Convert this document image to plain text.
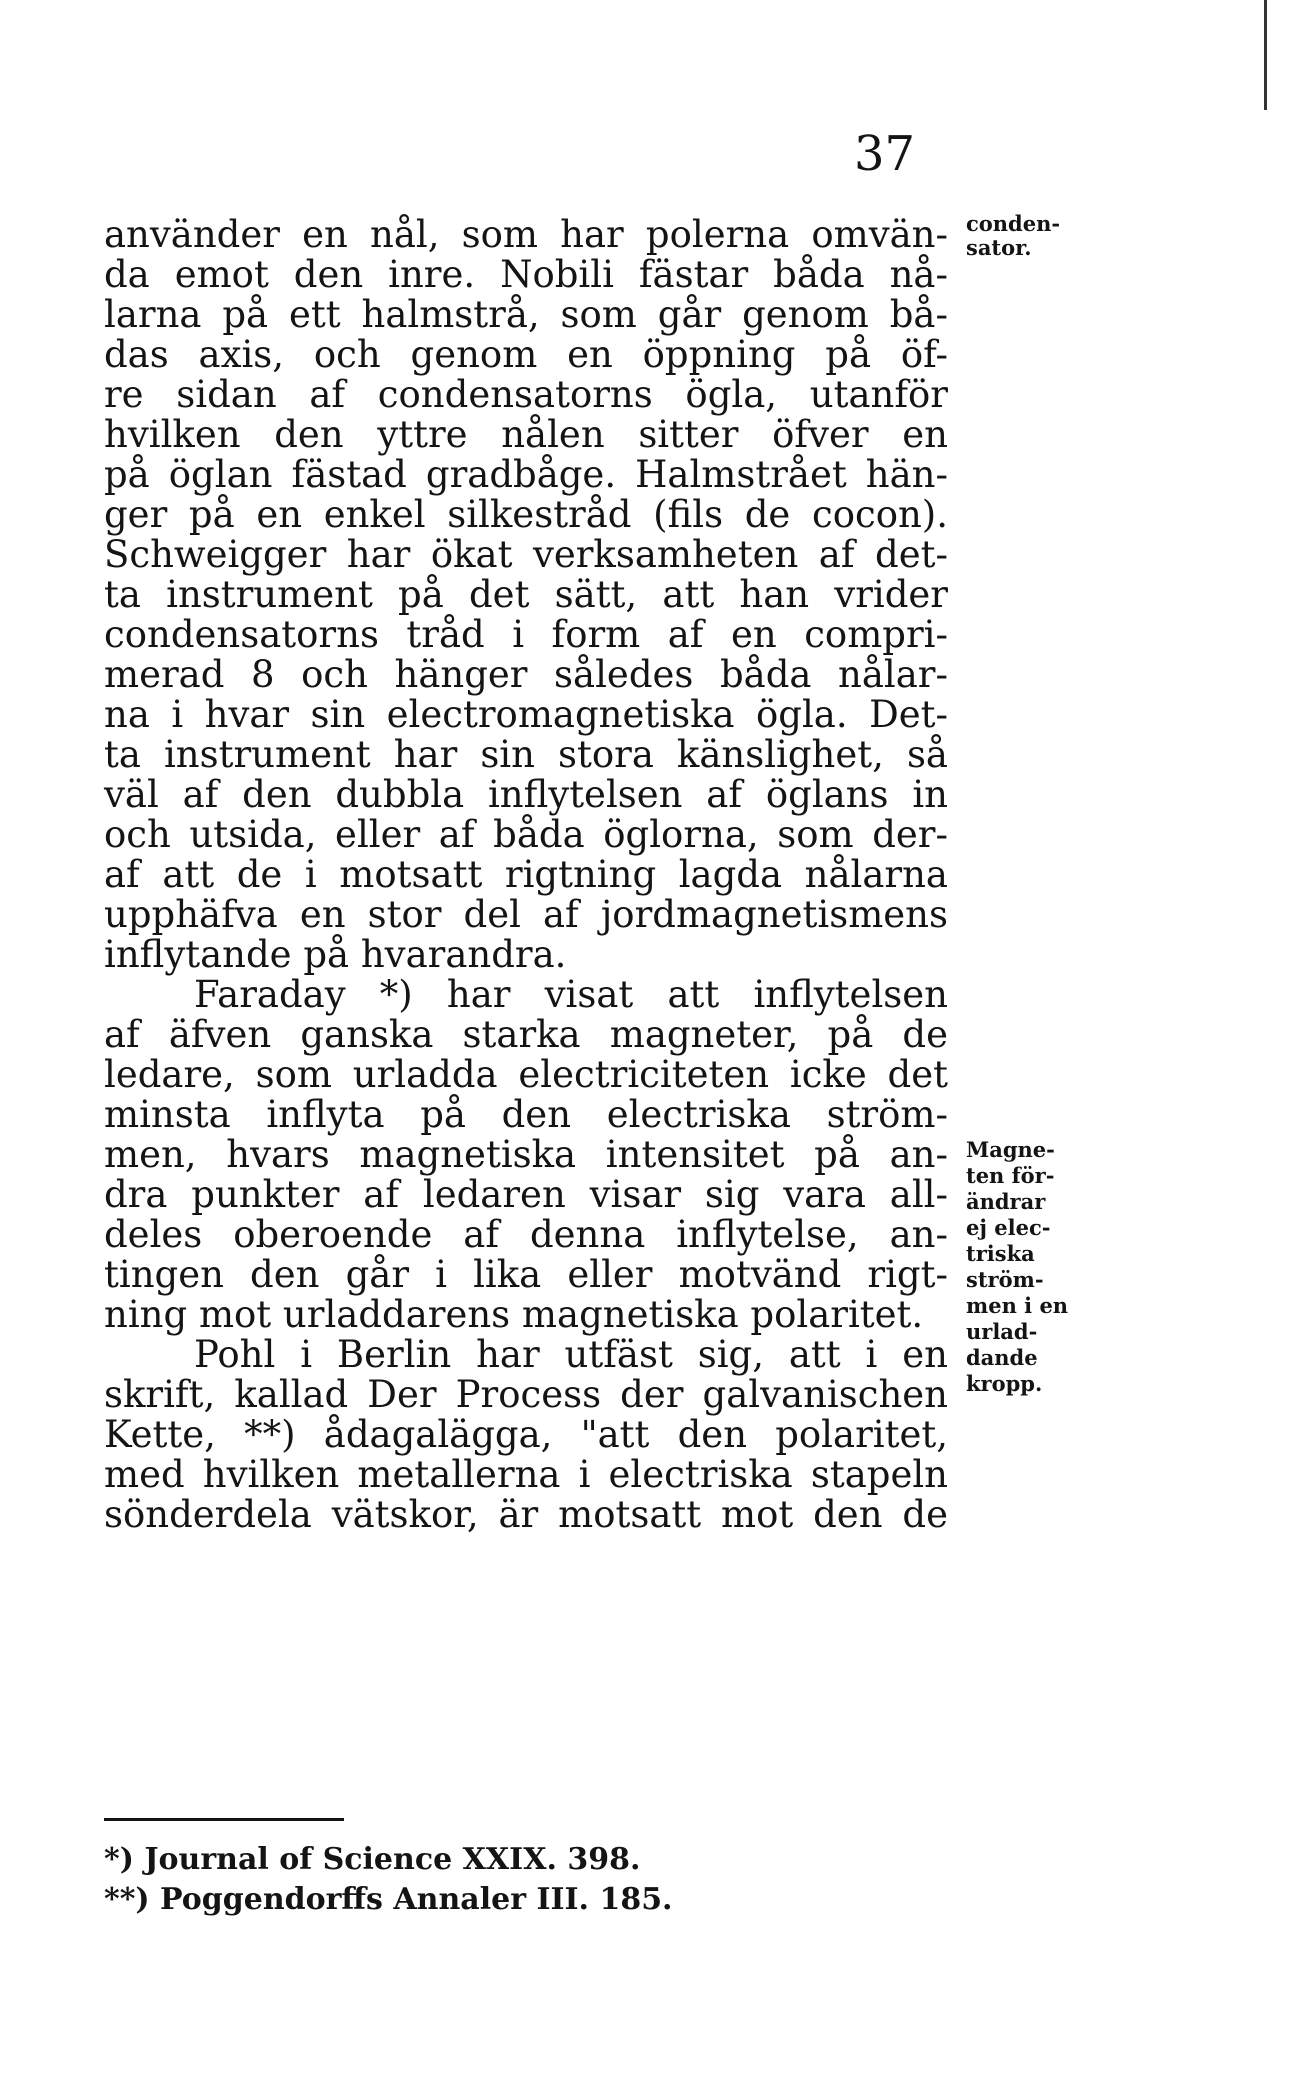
37
använder en nål, som har polerna omvän-
da emot den inre. Nobili fästar båda nå-
larna på ett halmstrå, som går genom bå-
das axis, och genom en öppning på öf-
re sidan af condensatorns ögla, utanför
hvilken den yttre nålen sitter öfver en
på öglan fästad gradbåge. Halmstrået hän-
ger på en enkel silkestråd (fils de cocon).
Schweigger har ökat verksamheten af det-
ta instrument på det sätt, att han vrider
condensatorns tråd i form af en compri-
merad 8 och hänger således båda nålar-
na i hvar sin electromagnetiska ögla. Det-
ta instrument har sin stora känslighet, så
väl af den dubbla inflytelsen af öglans in
och utsida, eller af båda öglorna, som der-
af att de i motsatt rigtning lagda nålarna
upphäfva en stor del af jordmagnetismens
inflytande på hvarandra.
Faraday *) har visat att inflytelsen
af äfven ganska starka magneter, på de
ledare, som urladda electriciteten icke det
minsta inflyta på den electriska ström-
men, hvars magnetiska intensitet på an-
dra punkter af ledaren visar sig vara all-
deles oberoende af denna inflytelse, an-
tingen den går i lika eller motvänd rigt-
ning mot urladdarens magnetiska polaritet.
Pohl i Berlin har utfäst sig, att i en
skrift, kallad Der Process der galvanischen
Kette, **) ådagalägga, "att den polaritet,
med hvilken metallerna i electriska stapeln
sönderdela vätskor, är motsatt mot den de
conden-
sator.
Magne-
ten för-
ändrar
ej elec-
triska
ström-
men i en
urlad-
dande
kropp.
*) Journal of Science XXIX. 398.
**) Poggendorffs Annaler III. 185.
